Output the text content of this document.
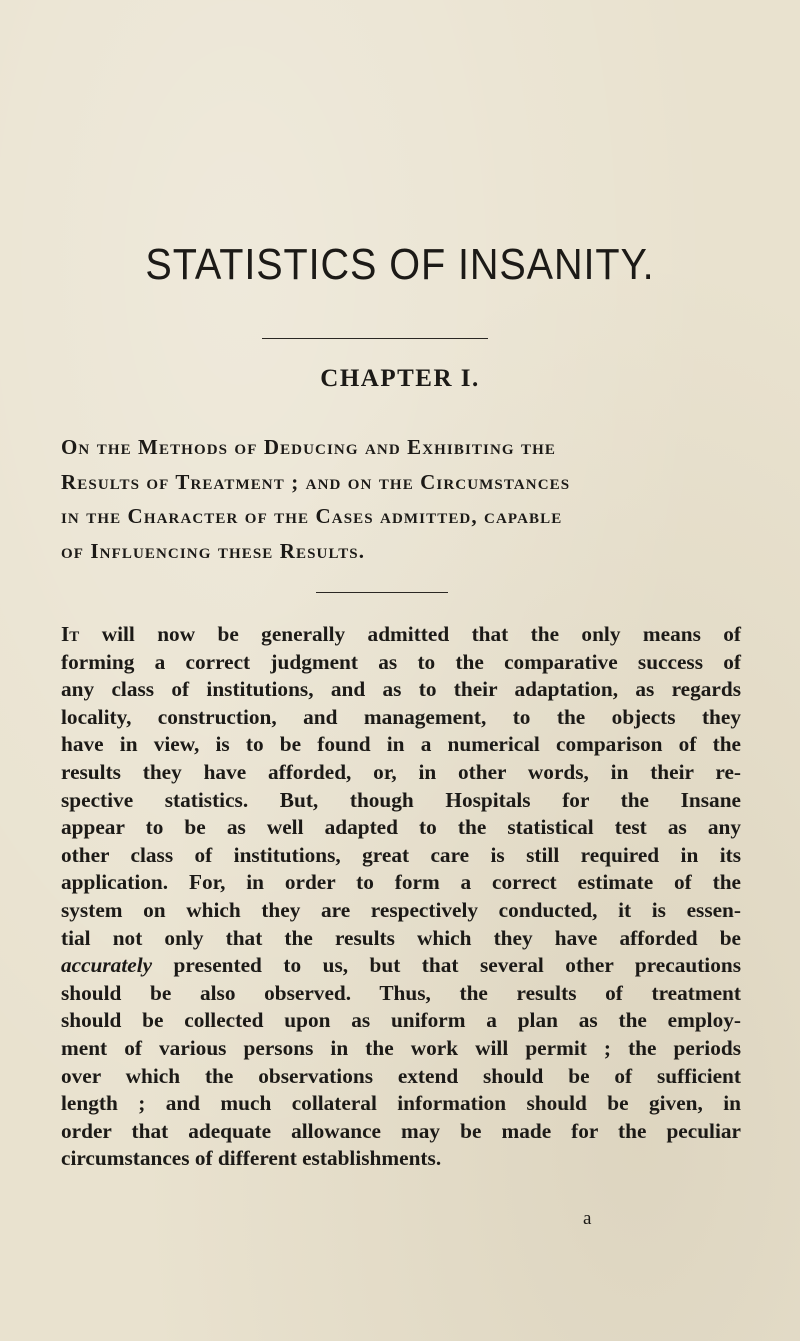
STATISTICS OF INSANITY.
CHAPTER I.
On the Methods of Deducing and Exhibiting the
Results of Treatment ; and on the Circumstances
in the Character of the Cases admitted, capable
of Influencing these Results.
It will now be generally admitted that the only means of
forming a correct judgment as to the comparative success of
any class of institutions, and as to their adaptation, as regards
locality, construction, and management, to the objects they
have in view, is to be found in a numerical comparison of the
results they have afforded, or, in other words, in their re-
spective statistics. But, though Hospitals for the Insane
appear to be as well adapted to the statistical test as any
other class of institutions, great care is still required in its
application. For, in order to form a correct estimate of the
system on which they are respectively conducted, it is essen-
tial not only that the results which they have afforded be
accurately presented to us, but that several other precautions
should be also observed. Thus, the results of treatment
should be collected upon as uniform a plan as the employ-
ment of various persons in the work will permit ; the periods
over which the observations extend should be of sufficient
length ; and much collateral information should be given, in
order that adequate allowance may be made for the peculiar
circumstances of different establishments.
a
